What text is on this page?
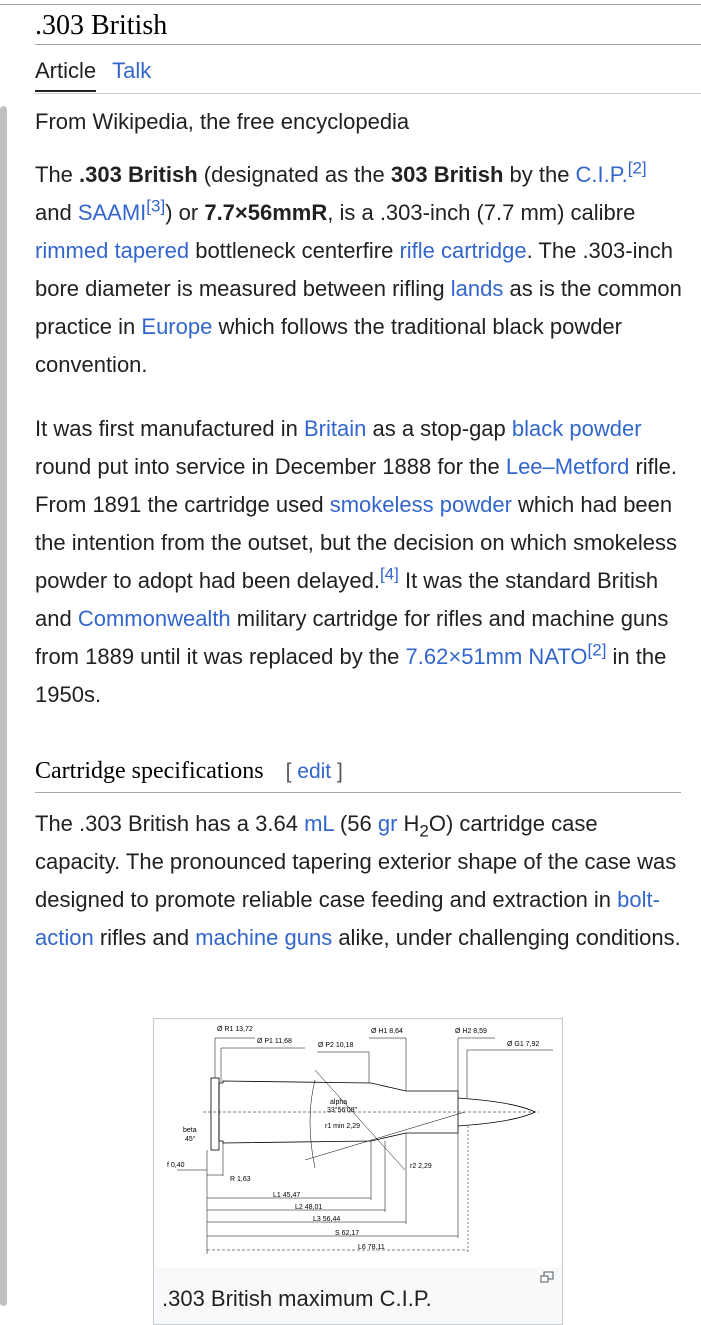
.303 British
Article Talk
From Wikipedia, the free encyclopedia

The .303 British (designated as the 303 British by the C.I.P.[2] and SAAMI[3]) or 7.7×56mmR, is a .303-inch (7.7 mm) calibre rimmed tapered bottleneck centerfire rifle cartridge. The .303-inch bore diameter is measured between rifling lands as is the common practice in Europe which follows the traditional black powder convention.

It was first manufactured in Britain as a stop-gap black powder round put into service in December 1888 for the Lee–Metford rifle. From 1891 the cartridge used smokeless powder which had been the intention from the outset, but the decision on which smokeless powder to adopt had been delayed.[4] It was the standard British and Commonwealth military cartridge for rifles and machine guns from 1889 until it was replaced by the 7.62×51mm NATO[2] in the 1950s.

Cartridge specifications [ edit ]

The .303 British has a 3.64 mL (56 gr $H_2O$) cartridge case capacity. The pronounced tapering exterior shape of the case was designed to promote reliable case feeding and extraction in bolt-action rifles and machine guns alike, under challenging conditions.

Ø R1 13,72
Ø P1 11,68
Ø P2 10,18
Ø H1 8,64	Ø H2 8,59
Ø G1 7,92
alpha
33°56'08"
r1 min 2,29
r2 2,29
beta
45°
f 0,40
R 1,63
L1 45,47
L2 48,01
L3 56,44
S 62,17
L6 78,11
.303 British maximum C.I.P.
